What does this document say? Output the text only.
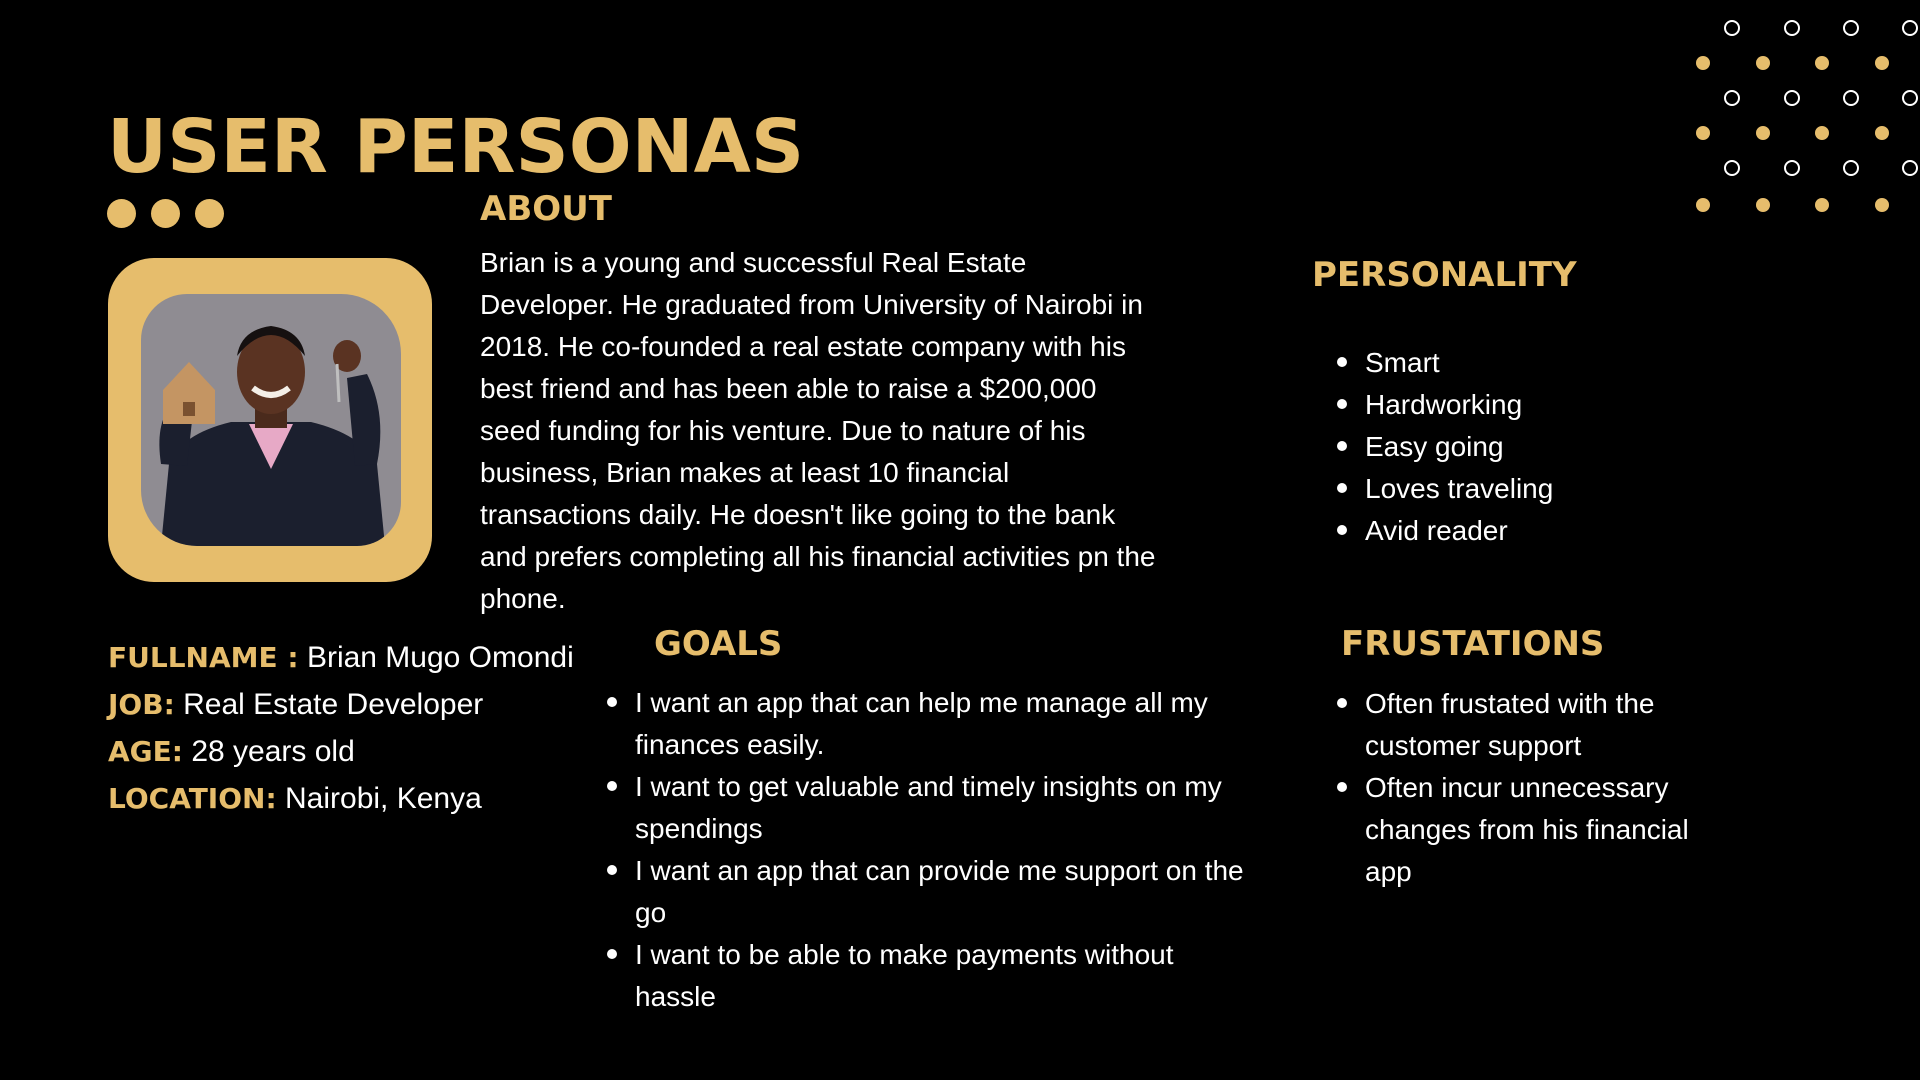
USER PERSONAS
ABOUT
Brian is a young and successful Real Estate Developer. He graduated from University of Nairobi in 2018. He co-founded a real estate company with his best friend and has been able to raise a $200,000 seed funding for his venture. Due to nature of his business, Brian makes at least 10 financial transactions daily. He doesn't like going to the bank and prefers completing all his financial activities pn the phone.
FULLNAME : Brian Mugo Omondi
JOB: Real Estate Developer
AGE: 28 years old
LOCATION: Nairobi, Kenya
GOALS
I want an app that can help me manage all my finances easily.
I want to get valuable and timely insights on my spendings
I want an app that can provide me support on the go
I want to be able to make payments without hassle
PERSONALITY
Smart
Hardworking
Easy going
Loves traveling
Avid reader
FRUSTATIONS
Often frustated with the customer support
Often incur unnecessary changes from his financial app
